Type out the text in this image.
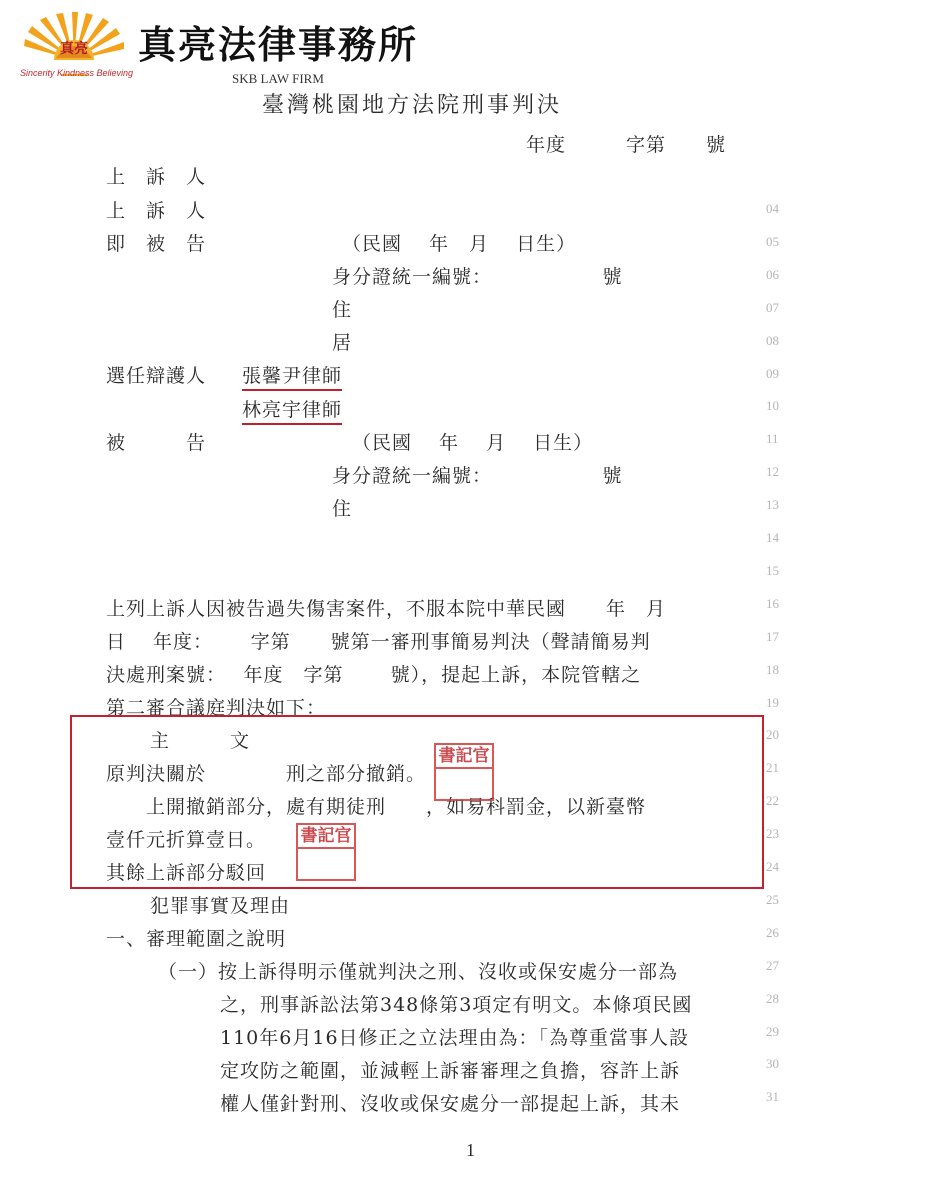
真亮
Sincerity Kindness Believing
真亮法律事務所
SKB LAW FIRM
臺灣桃園地方法院刑事判決
年度　　　字第　　號
上　訴　人
上　訴　人
即　被　告	（民國　 年　月　 日生）
身分證統一編號：　　　　　　號
住
居
選任辯護人 張馨尹律師
林亮宇律師
被　　　告	（民國　 年　 月　 日生）
身分證統一編號：　　　　　　號
住
上列上訴人因被告過失傷害案件，不服本院中華民國　　年　月
日　 年度：　　 字第　　號第一審刑事簡易判決（聲請簡易判
決處刑案號：　 年度　字第　　 號），提起上訴，本院管轄之
第二審合議庭判決如下：
主　　　文
原判決關於　　　　刑之部分撤銷。
　　上開撤銷部分，處有期徒刑　　，如易科罰金，以新臺幣
壹仟元折算壹日。
其餘上訴部分駁回
書記官
書記官
犯罪事實及理由
一、審理範圍之說明
（一）按上訴得明示僅就判決之刑、沒收或保安處分一部為
之，刑事訴訟法第348條第3項定有明文。本條項民國
110年6月16日修正之立法理由為：「為尊重當事人設
定攻防之範圍，並減輕上訴審審理之負擔，容許上訴
權人僅針對刑、沒收或保安處分一部提起上訴，其未
04
05
06
07
08
09
10
11
12
13
14
15
16
17
18
19
20
21
22
23
24
25
26
27
28
29
30
31
1
